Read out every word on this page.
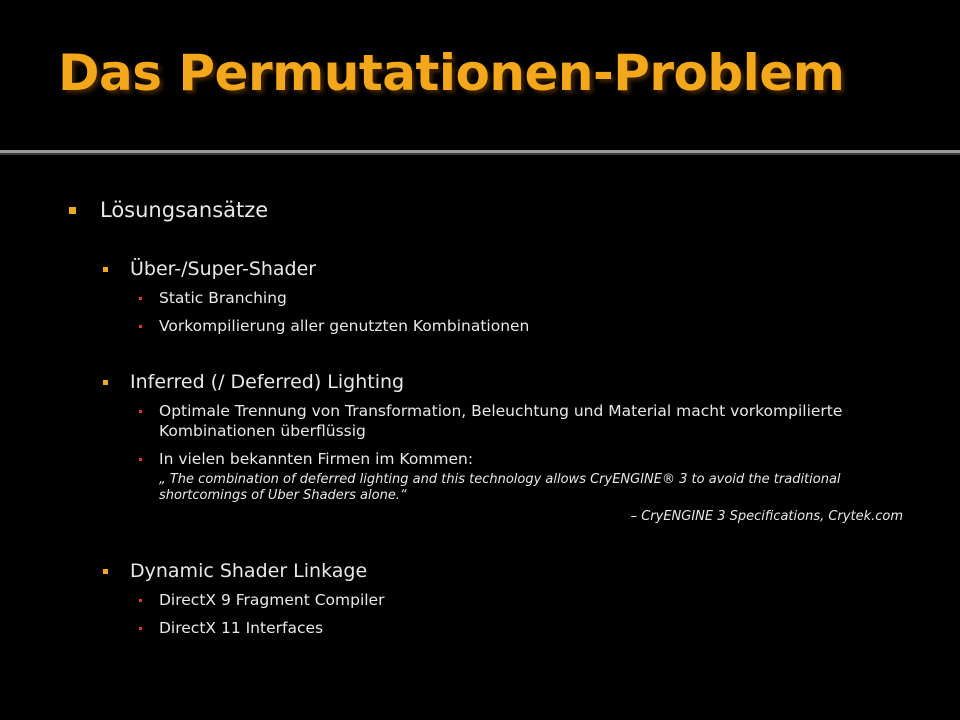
Das Permutationen-Problem
Lösungsansätze
Über-/Super-Shader
Static Branching
Vorkompilierung aller genutzten Kombinationen
Inferred (/ Deferred) Lighting
Optimale Trennung von Transformation, Beleuchtung und Material macht vorkompilierte Kombinationen überflüssig
In vielen bekannten Firmen im Kommen:
„ The combination of deferred lighting and this technology allows CryENGINE® 3 to avoid the traditional shortcomings of Uber Shaders alone.“
– CryENGINE 3 Specifications, Crytek.com
Dynamic Shader Linkage
DirectX 9 Fragment Compiler
DirectX 11 Interfaces
